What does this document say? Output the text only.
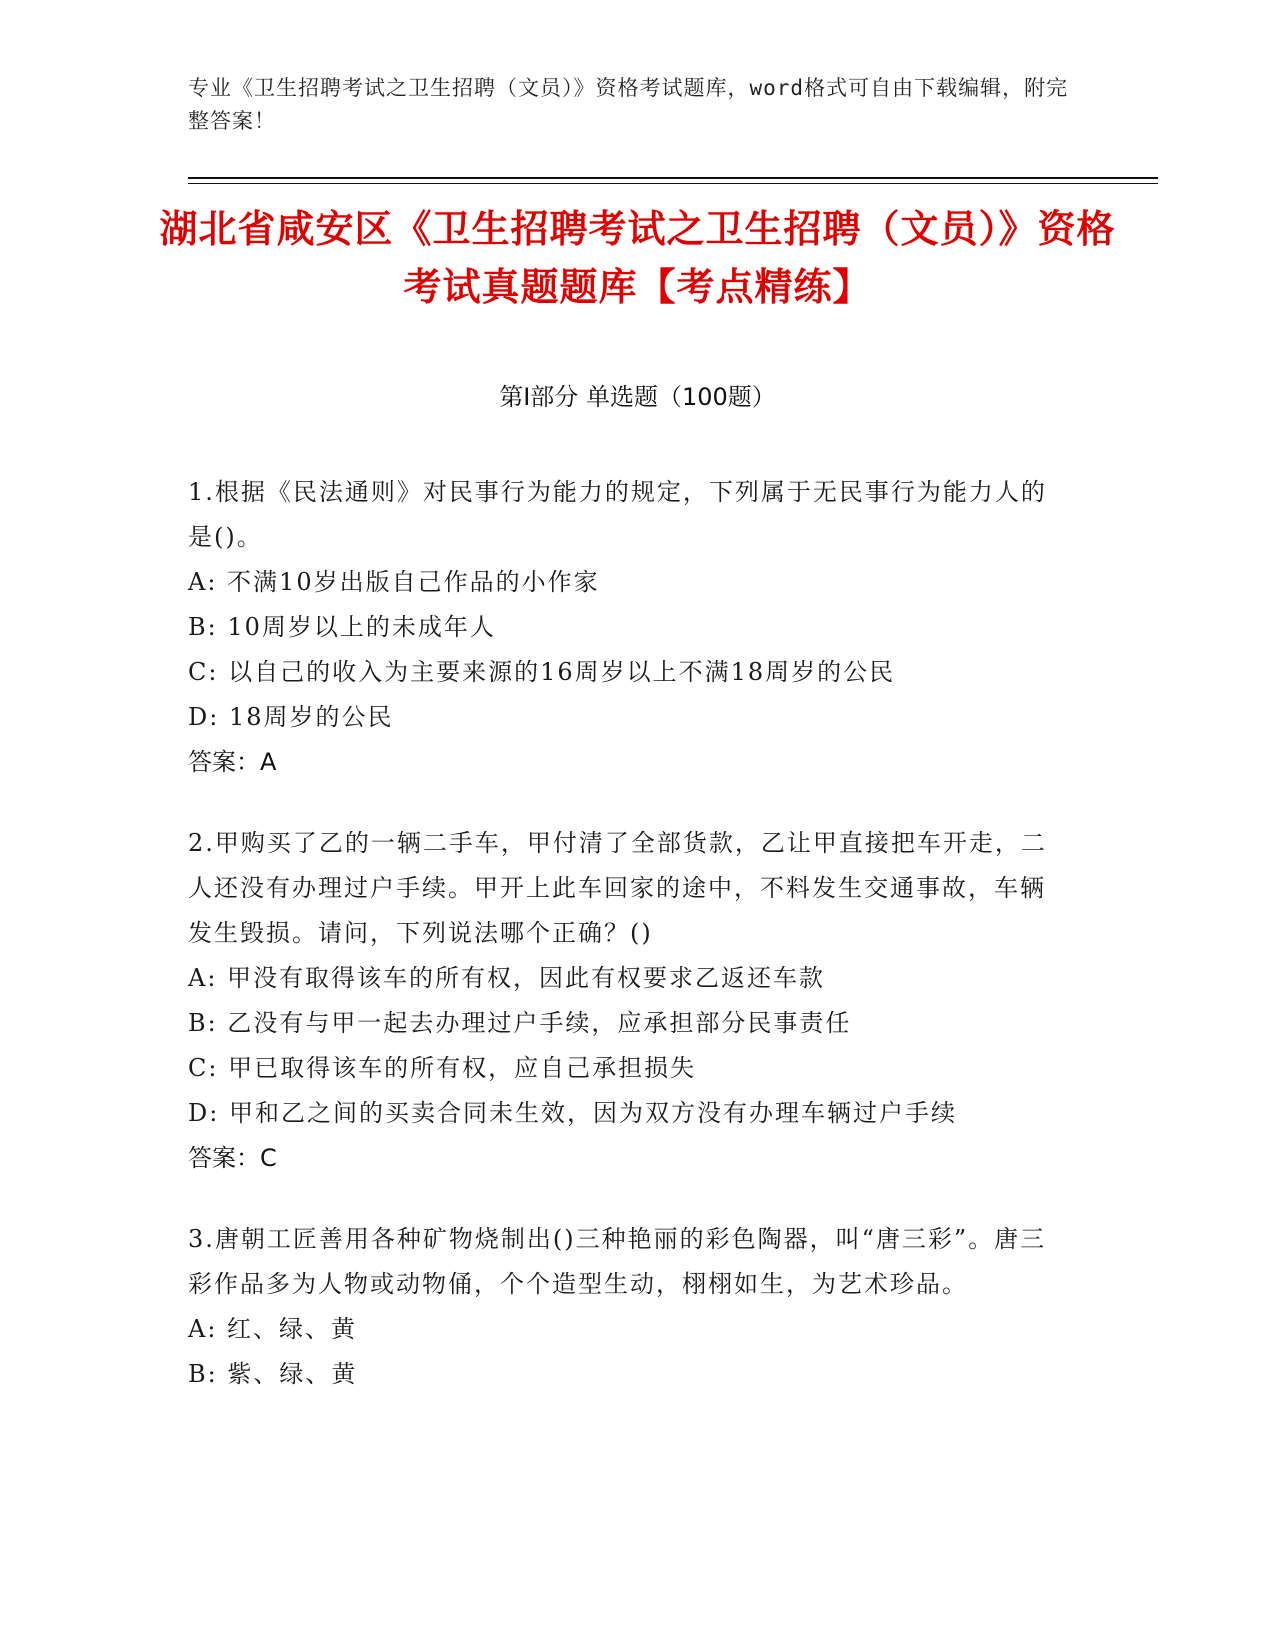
专业《卫生招聘考试之卫生招聘（文员）》资格考试题库，word格式可自由下载编辑，附完整答案！
湖北省咸安区《卫生招聘考试之卫生招聘（文员）》资格考试真题题库【考点精练】
第I部分 单选题（100题）
1.根据《民法通则》对民事行为能力的规定，下列属于无民事行为能力人的是()。
A: 不满10岁出版自己作品的小作家
B: 10周岁以上的未成年人
C: 以自己的收入为主要来源的16周岁以上不满18周岁的公民
D: 18周岁的公民
答案：A
2.甲购买了乙的一辆二手车，甲付清了全部货款，乙让甲直接把车开走，二人还没有办理过户手续。甲开上此车回家的途中，不料发生交通事故，车辆发生毁损。请问，下列说法哪个正确？()
A: 甲没有取得该车的所有权，因此有权要求乙返还车款
B: 乙没有与甲一起去办理过户手续，应承担部分民事责任
C: 甲已取得该车的所有权，应自己承担损失
D: 甲和乙之间的买卖合同未生效，因为双方没有办理车辆过户手续
答案：C
3.唐朝工匠善用各种矿物烧制出()三种艳丽的彩色陶器，叫“唐三彩”。唐三彩作品多为人物或动物俑，个个造型生动，栩栩如生，为艺术珍品。
A: 红、绿、黄
B: 紫、绿、黄
